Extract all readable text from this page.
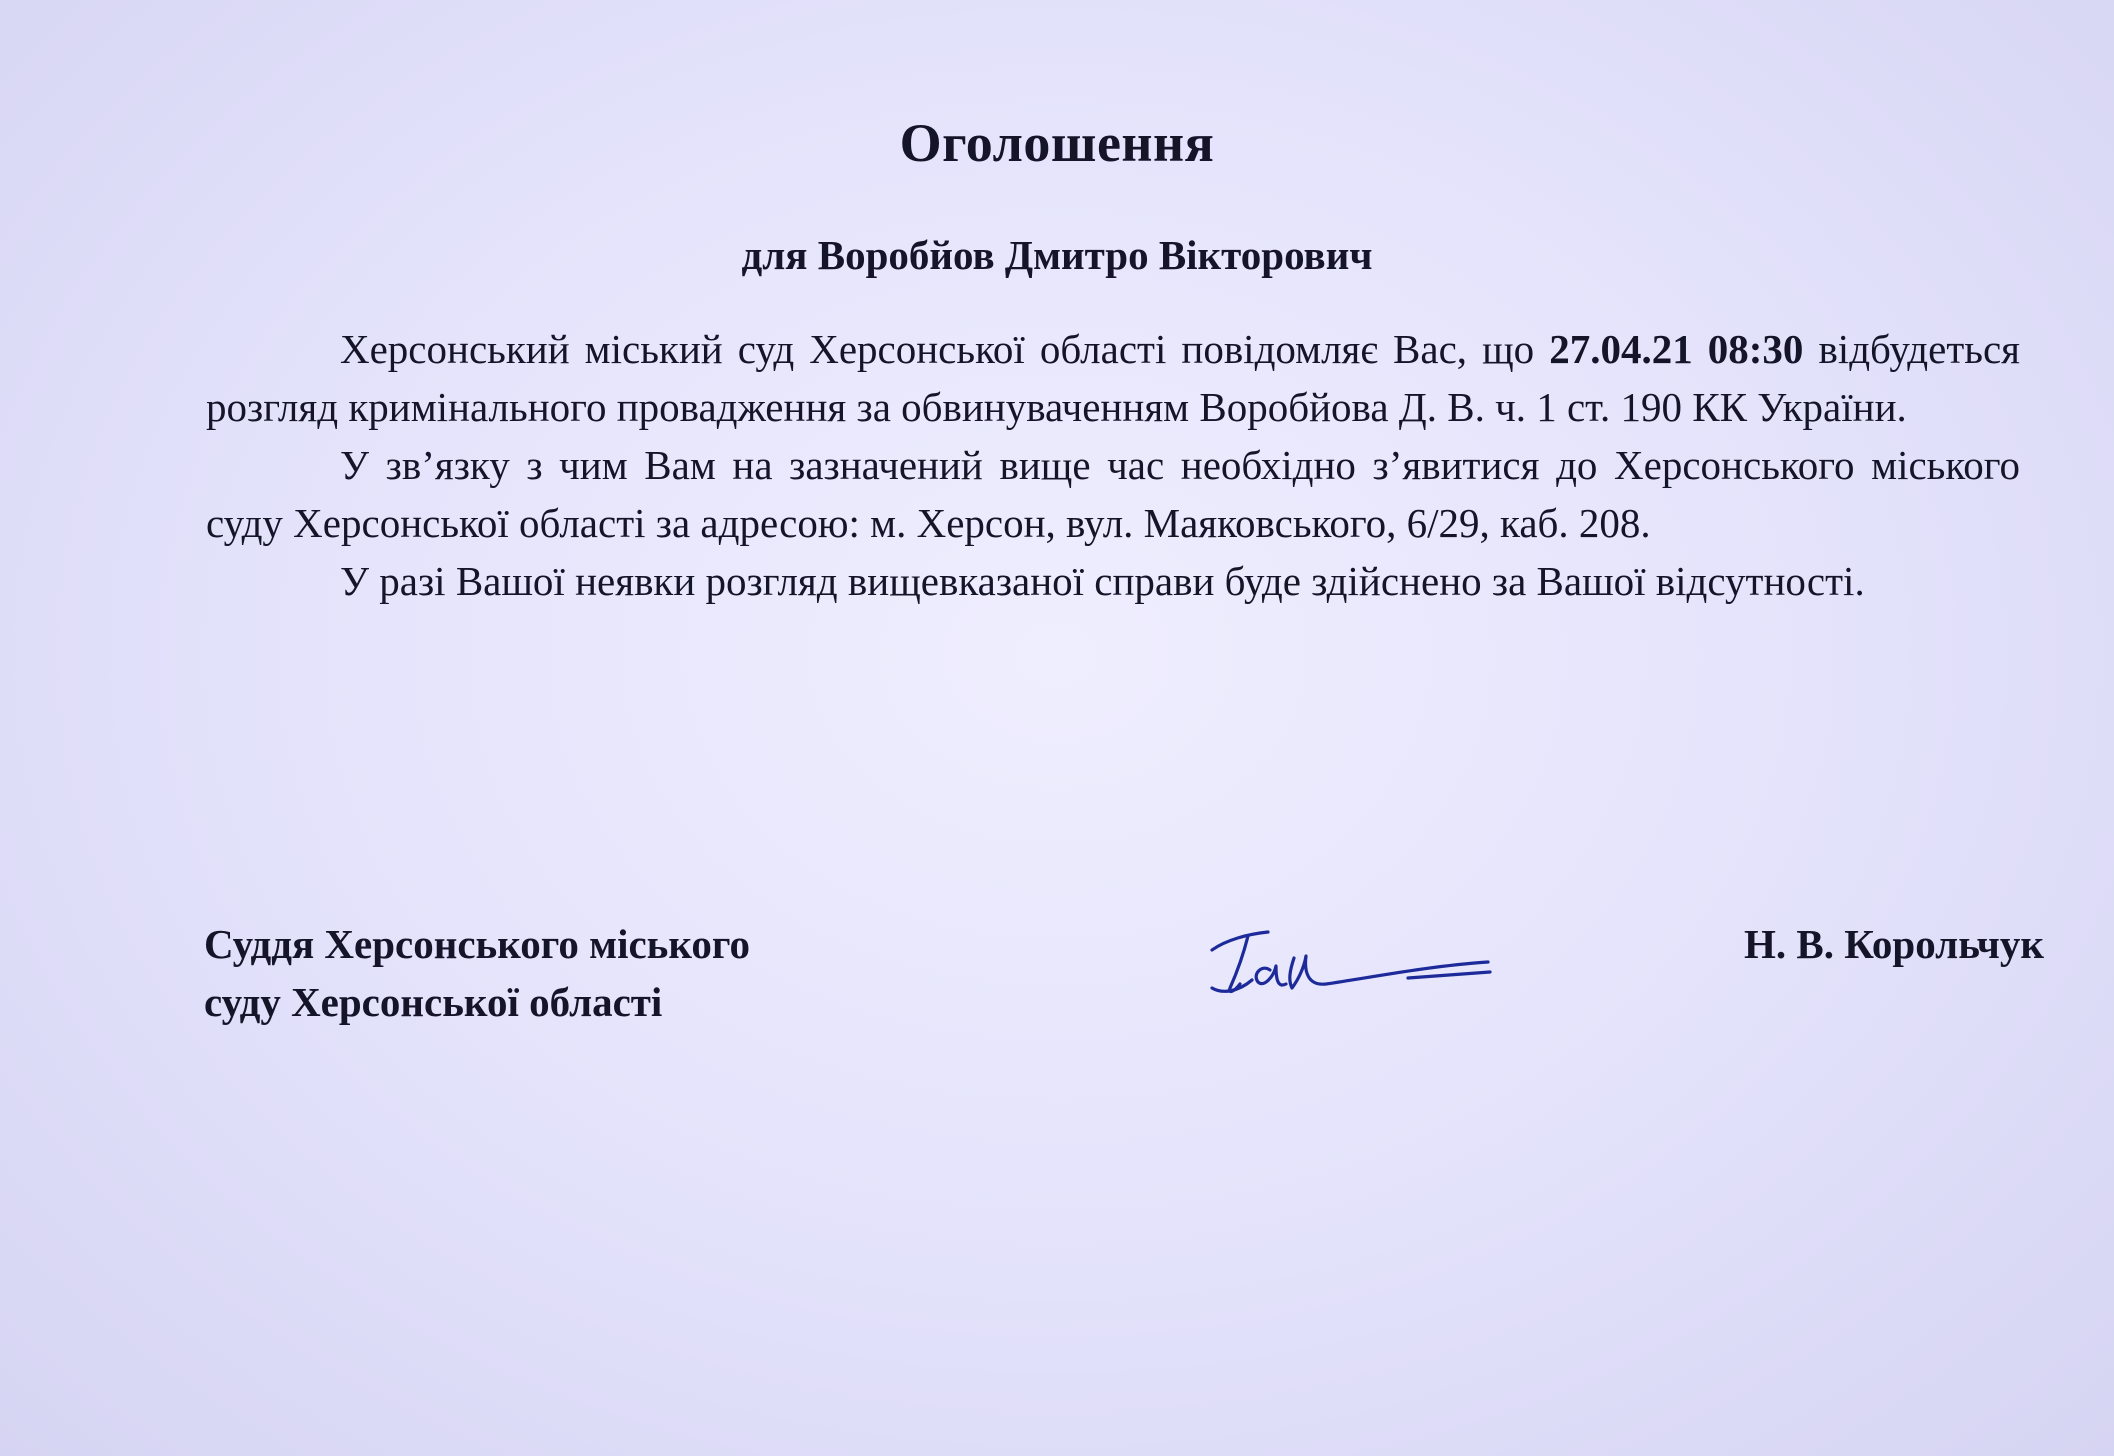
Оголошення
для Воробйов Дмитро Вікторович

Херсонський міський суд Херсонської області повідомляє Вас, що 27.04.21 08:30 відбудеться розгляд кримінального провадження за обвинуваченням Воробйова Д. В. ч. 1 ст. 190 КК України.

У зв’язку з чим Вам на зазначений вище час необхідно з’явитися до Херсонського міського суду Херсонської області за адресою: м. Херсон, вул. Маяковського, 6/29, каб. 208.

У разі Вашої неявки розгляд вищевказаної справи буде здійснено за Вашої відсутності.

Суддя Херсонського міського
суду Херсонської області
Н. В. Корольчук
